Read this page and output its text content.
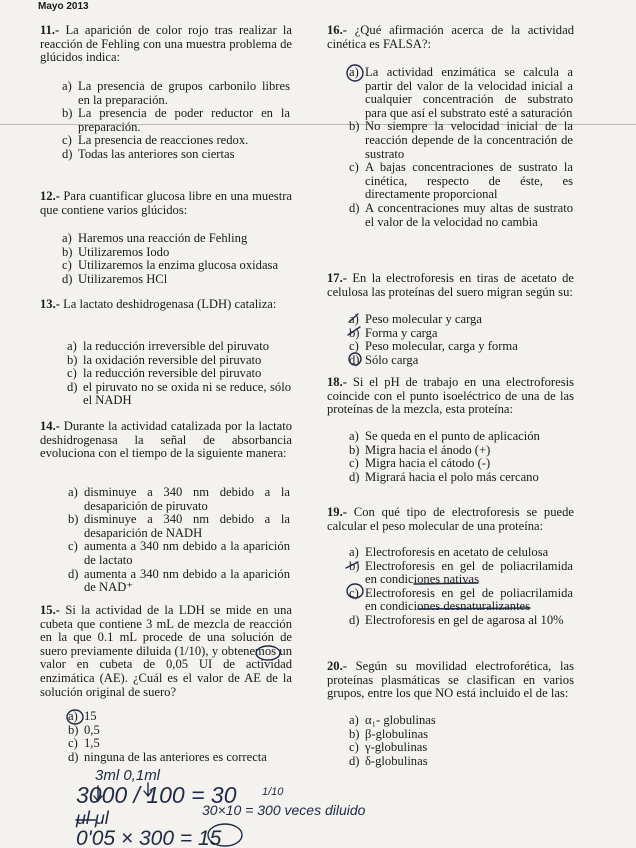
Mayo 2013
11.- La aparición de color rojo tras realizar la reacción de Fehling con una muestra problema de glúcidos indica:
a) La presencia de grupos carbonilo libres en la preparación.
b) La presencia de poder reductor en la preparación.
c) La presencia de reacciones redox.
d) Todas las anteriores son ciertas
12.- Para cuantificar glucosa libre en una muestra que contiene varios glúcidos:
a) Haremos una reacción de Fehling
b) Utilizaremos Iodo
c) Utilizaremos la enzima glucosa oxidasa
d) Utilizaremos HCl
13.- La lactato deshidrogenasa (LDH) cataliza:
a) la reducción irreversible del piruvato
b) la oxidación reversible del piruvato
c) la reducción reversible del piruvato
d) el piruvato no se oxida ni se reduce, sólo el NADH
14.- Durante la actividad catalizada por la lactato deshidrogenasa la señal de absorbancia evoluciona con el tiempo de la siguiente manera:
a) disminuye a 340 nm debido a la desaparición de piruvato
b) disminuye a 340 nm debido a la desaparición de NADH
c) aumenta a 340 nm debido a la aparición de lactato
d) aumenta a 340 nm debido a la aparición de NAD⁺
15.- Si la actividad de la LDH se mide en una cubeta que contiene 3 mL de mezcla de reacción en la que 0.1 mL procede de una solución de suero previamente diluida (1/10), y obtenemos un valor en cubeta de 0,05 UI de actividad enzimática (AE). ¿Cuál es el valor de AE de la solución original de suero?
a) 15
b) 0,5
c) 1,5
d) ninguna de las anteriores es correcta
16.- ¿Qué afirmación acerca de la actividad cinética es FALSA?:
a) La actividad enzimática se calcula a partir del valor de la velocidad inicial a cualquier concentración de substrato para que así el substrato esté a saturación
b) No siempre la velocidad inicial de la reacción depende de la concentración de sustrato
c) A bajas concentraciones de sustrato la cinética, respecto de éste, es directamente proporcional
d) A concentraciones muy altas de sustrato el valor de la velocidad no cambia
17.- En la electroforesis en tiras de acetato de celulosa las proteínas del suero migran según su:
a) Peso molecular y carga
b) Forma y carga
c) Peso molecular, carga y forma
d) Sólo carga
18.- Si el pH de trabajo en una electroforesis coincide con el punto isoeléctrico de una de las proteínas de la mezcla, esta proteína:
a) Se queda en el punto de aplicación
b) Migra hacia el ánodo (+)
c) Migra hacia el cátodo (-)
d) Migrará hacia el polo más cercano
19.- Con qué tipo de electroforesis se puede calcular el peso molecular de una proteína:
a) Electroforesis en acetato de celulosa
b) Electroforesis en gel de poliacrilamida en condiciones nativas
c) Electroforesis en gel de poliacrilamida en condiciones desnaturalizantes
d) Electroforesis en gel de agarosa al 10%
20.- Según su movilidad electroforética, las proteínas plasmáticas se clasifican en varios grupos, entre los que NO está incluido el de las:
a) α₁- globulinas
b) β-globulinas
c) γ-globulinas
d) δ-globulinas
3ml 0,1ml
3000 / 100 = 30
μl μl
1/10
30×10 = 300 veces diluido
0'05 × 300 = 15
